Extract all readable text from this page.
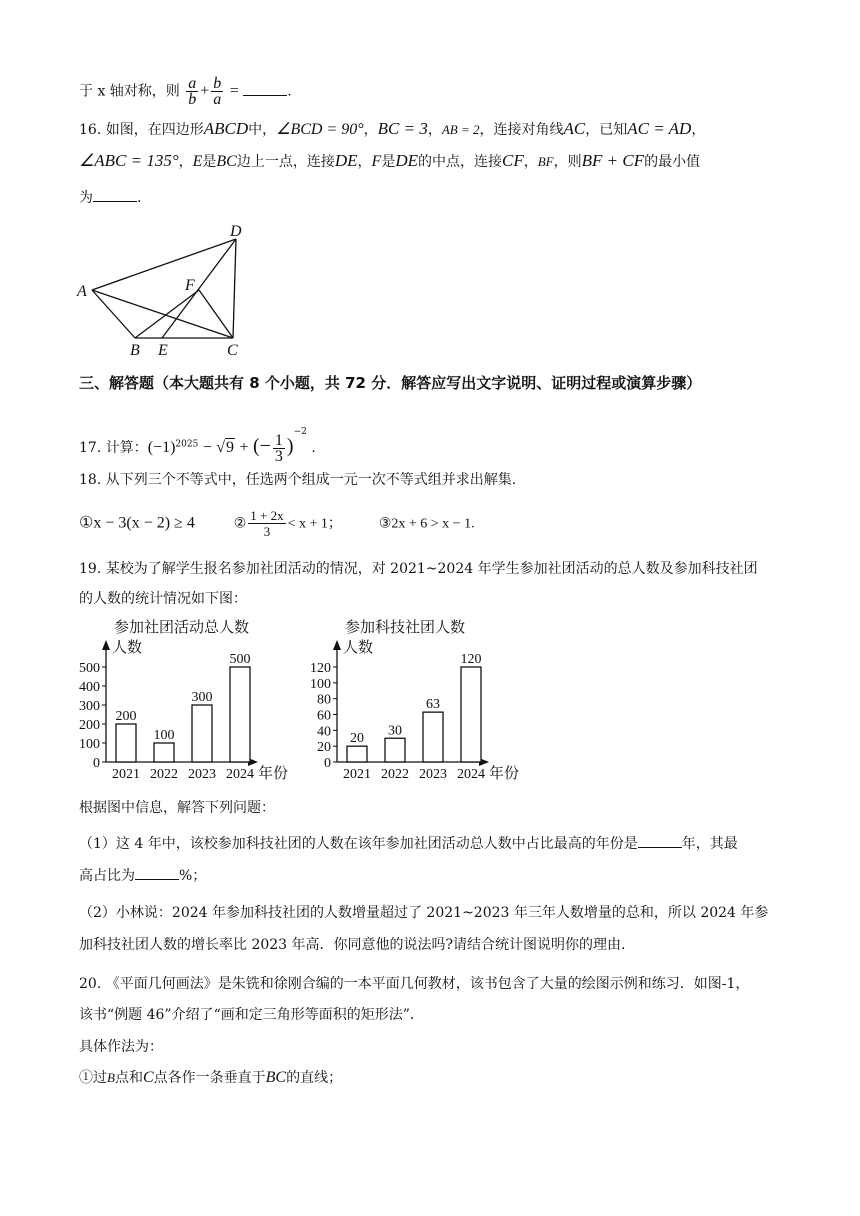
于 x 轴对称，则 $\frac{a}{b} + \frac{b}{a}$ =	.
16. 如图，在四边形ABCD中，∠BCD = 90°，BC = 3，AB = 2，连接对角线AC，已知AC = AD，
∠ABC = 135°，E是BC边上一点，连接DE，F是DE的中点，连接CF，BF，则BF + CF的最小值
为	.
D
A	F
B E	C
三、解答题（本大题共有 8 个小题，共 72 分．解答应写出文字说明、证明过程或演算步骤）
17. 计算：$(-1)^{2025} - √9$ + (− $\frac{1}{3} )^{-2}$ .
18. 从下列三个不等式中，任选两个组成一元一次不等式组并求出解集.
①x − 3(x − 2) ≥ 4	② $\frac{1 + 2x}{3} < x + 1$；	③2x + 6 > x − 1.
19. 某校为了解学生报名参加社团活动的情况，对 2021~2024 年学生参加社团活动的总人数及参加科技社团
的人数的统计情况如下图：
参加社团活动总人数
人数
年份
0
100
200
300
400
500
200
2021
100
2022
300
2023
500
2024
参加科技社团人数
人数
年份
0
20
40
60
80
100
120
20
2021
30
2022
63
2023
120
2024
根据图中信息，解答下列问题：
（1）这 4 年中，该校参加科技社团的人数在该年参加社团活动总人数中占比最高的年份是	年，其最
高占比为	%；
（2）小林说：2024 年参加科技社团的人数增量超过了 2021~2023 年三年人数增量的总和，所以 2024 年参
加科技社团人数的增长率比 2023 年高．你同意他的说法吗?请结合统计图说明你的理由.
20. 《平面几何画法》是朱铣和徐刚合编的一本平面几何教材，该书包含了大量的绘图示例和练习．如图-1，
该书“例题 46”介绍了“画和定三角形等面积的矩形法”．
具体作法为：
①过B点和C点各作一条垂直于BC的直线；
